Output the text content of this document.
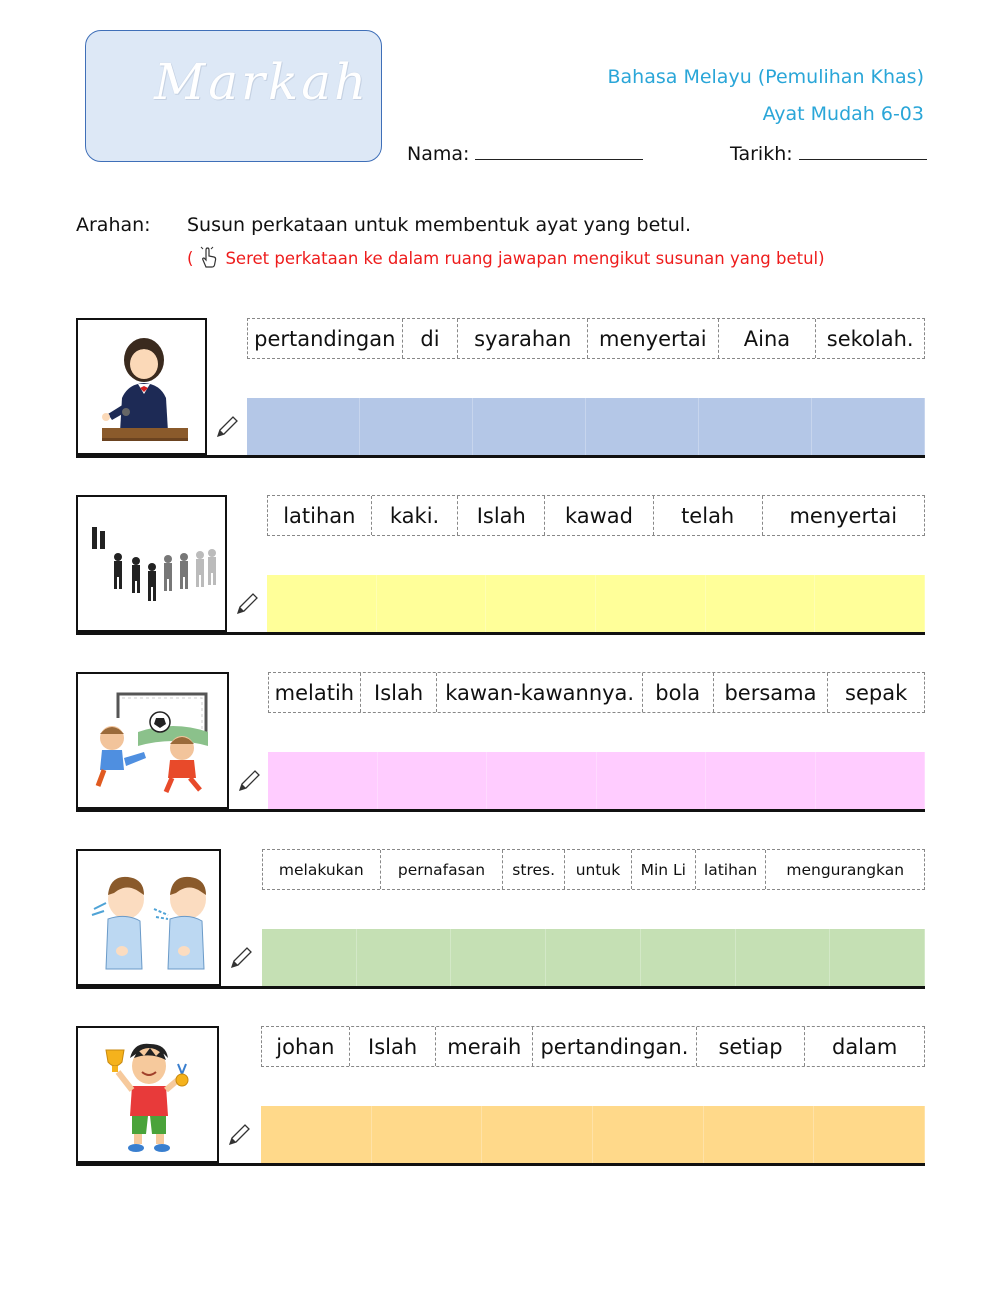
Markah	Bahasa Melayu (Pemulihan Khas)
Ayat Mudah 6-03
Nama:	Tarikh:
Arahan: Susun perkataan untuk membentuk ayat yang betul.
( Seret perkataan ke dalam ruang jawapan mengikut susunan yang betul)
pertandingan	di	syarahan	menyertai	Aina	sekolah.
latihan	kaki.	Islah	kawad	telah	menyertai
melatih Islah	kawan-kawannya.	bola	bersama	sepak
melakukan	pernafasan	stres.	untuk	Min Li	latihan	mengurangkan
johan	Islah	meraih pertandingan.	setiap	dalam
